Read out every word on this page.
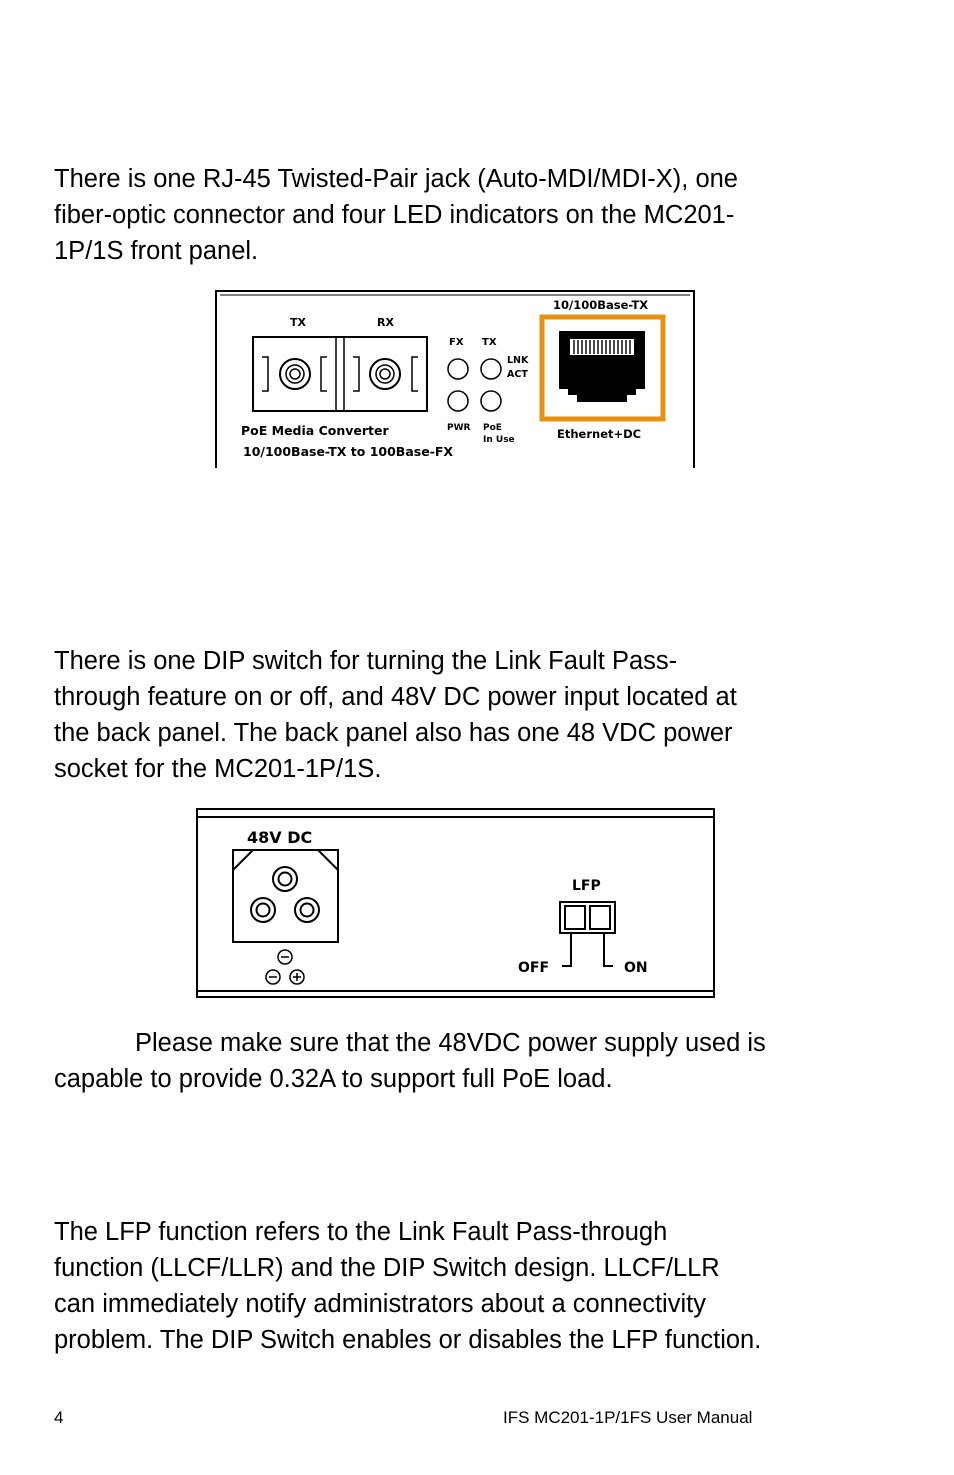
There is one RJ-45 Twisted-Pair jack (Auto-MDI/MDI-X), one
fiber-optic connector and four LED indicators on the MC201-
1P/1S front panel.

TX	RX
FX TX
LNK
ACT
PWR PoE
In Use
10/100Base-TX
Ethernet+DC
PoE Media Converter
10/100Base-TX to 100Base-FX

There is one DIP switch for turning the Link Fault Pass-
through feature on or off, and 48V DC power input located at
the back panel. The back panel also has one 48 VDC power
socket for the MC201-1P/1S.

48V DC
LFP
OFF	ON

Please make sure that the 48VDC power supply used is
capable to provide 0.32A to support full PoE load.

The LFP function refers to the Link Fault Pass-through
function (LLCF/LLR) and the DIP Switch design. LLCF/LLR
can immediately notify administrators about a connectivity
problem. The DIP Switch enables or disables the LFP function.

4	IFS MC201-1P/1FS User Manual
